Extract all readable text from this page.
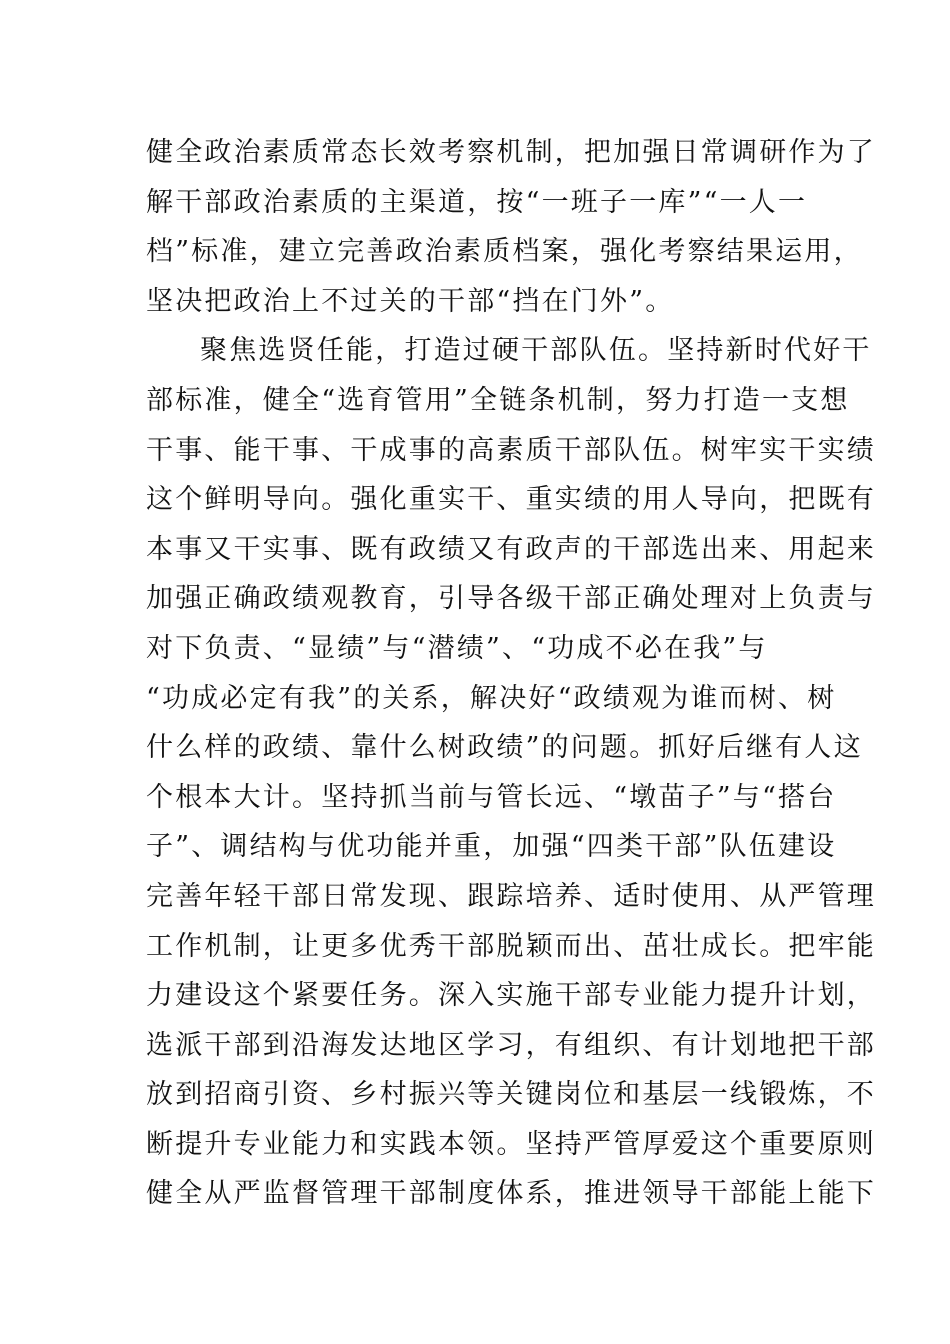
健全政治素质常态长效考察机制，把加强日常调研作为了
解干部政治素质的主渠道，按“一班子一库”“一人一
档”标准，建立完善政治素质档案，强化考察结果运用，
坚决把政治上不过关的干部“挡在门外”。
聚焦选贤任能，打造过硬干部队伍。坚持新时代好干
部标准，健全“选育管用”全链条机制，努力打造一支想
干事、能干事、干成事的高素质干部队伍。树牢实干实绩
这个鲜明导向。强化重实干、重实绩的用人导向，把既有
本事又干实事、既有政绩又有政声的干部选出来、用起来
加强正确政绩观教育，引导各级干部正确处理对上负责与
对下负责、“显绩”与“潜绩”、“功成不必在我”与
“功成必定有我”的关系，解决好“政绩观为谁而树、树
什么样的政绩、靠什么树政绩”的问题。抓好后继有人这
个根本大计。坚持抓当前与管长远、“墩苗子”与“搭台
子”、调结构与优功能并重，加强“四类干部”队伍建设
完善年轻干部日常发现、跟踪培养、适时使用、从严管理
工作机制，让更多优秀干部脱颖而出、茁壮成长。把牢能
力建设这个紧要任务。深入实施干部专业能力提升计划，
选派干部到沿海发达地区学习，有组织、有计划地把干部
放到招商引资、乡村振兴等关键岗位和基层一线锻炼，不
断提升专业能力和实践本领。坚持严管厚爱这个重要原则
健全从严监督管理干部制度体系，推进领导干部能上能下
